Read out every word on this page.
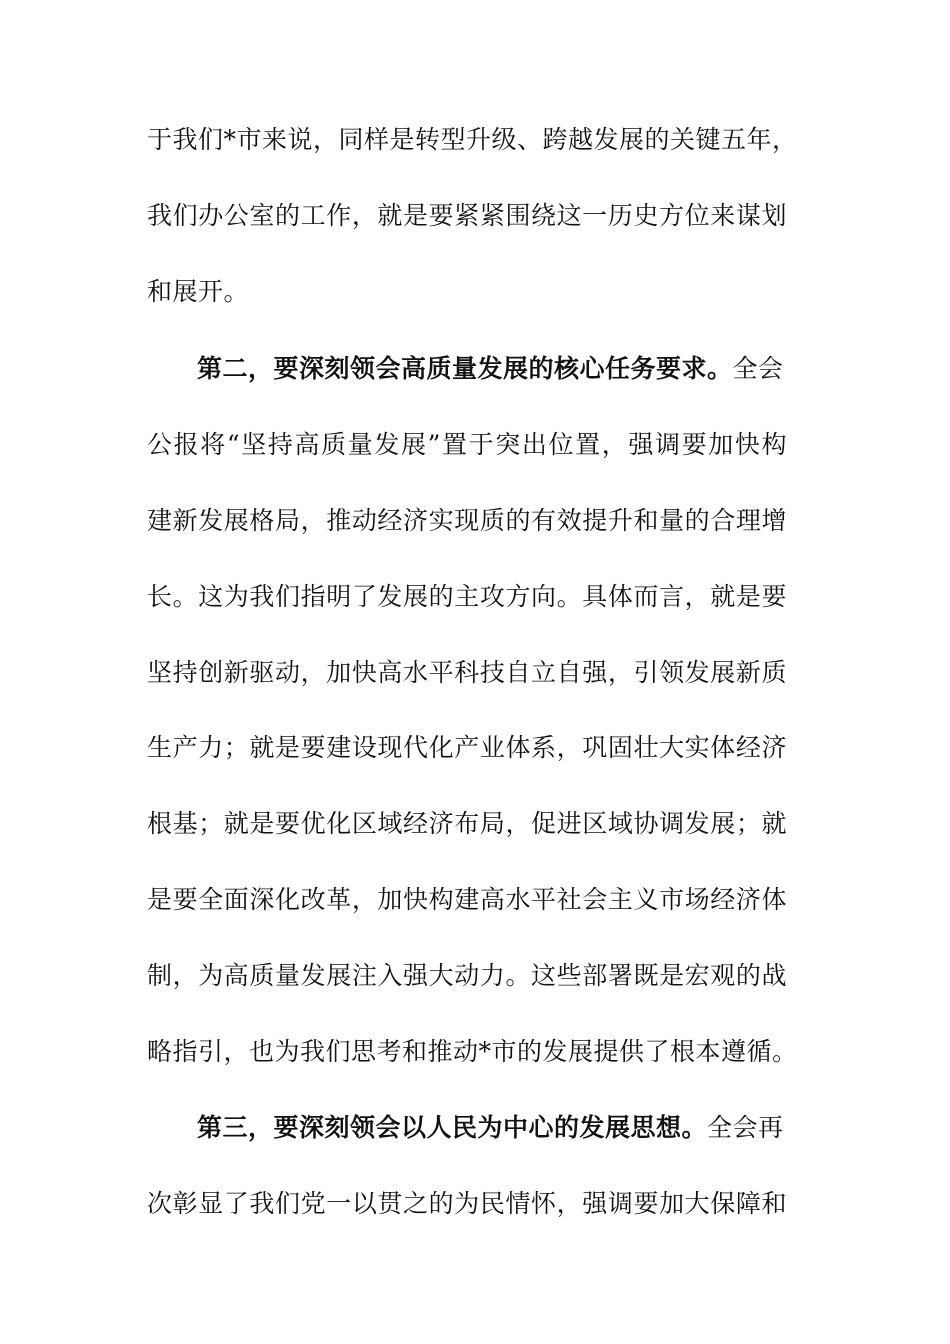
于我们*市来说，同样是转型升级、跨越发展的关键五年，
我们办公室的工作，就是要紧紧围绕这一历史方位来谋划
和展开。
第二，要深刻领会高质量发展的核心任务要求。全会
公报将“坚持高质量发展”置于突出位置，强调要加快构
建新发展格局，推动经济实现质的有效提升和量的合理增
长。这为我们指明了发展的主攻方向。具体而言，就是要
坚持创新驱动，加快高水平科技自立自强，引领发展新质
生产力；就是要建设现代化产业体系，巩固壮大实体经济
根基；就是要优化区域经济布局，促进区域协调发展；就
是要全面深化改革，加快构建高水平社会主义市场经济体
制，为高质量发展注入强大动力。这些部署既是宏观的战
略指引，也为我们思考和推动*市的发展提供了根本遵循。
第三，要深刻领会以人民为中心的发展思想。全会再
次彰显了我们党一以贯之的为民情怀，强调要加大保障和
